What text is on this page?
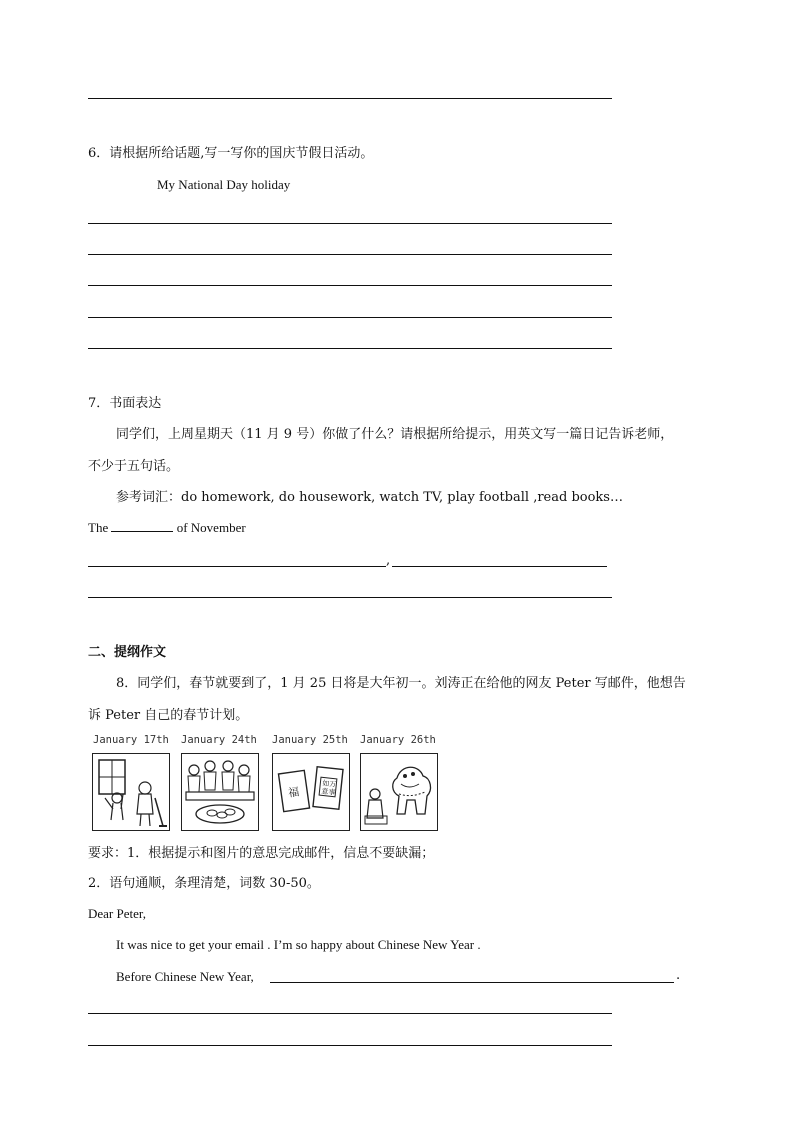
6．请根据所给话题,写一写你的国庆节假日活动。
My National Day holiday
7．书面表达
同学们，上周星期天（11 月 9 号）你做了什么？请根据所给提示，用英文写一篇日记告诉老师，
不少于五句话。
参考词汇：do homework, do housework, watch TV, play football ,read books…
The	of November
,
二、提纲作文
8．同学们，春节就要到了，1 月 25 日将是大年初一。刘涛正在给他的网友 Peter 写邮件，他想告
诉 Peter 自己的春节计划。
January 17th January 24th January 25th January 26th
福
如万
意事
要求：1．根据提示和图片的意思完成邮件，信息不要缺漏；
2．语句通顺，条理清楚，词数 30-50。
Dear Peter,
It was nice to get your email . I’m so happy about Chinese New Year .
Before Chinese New Year,	.
